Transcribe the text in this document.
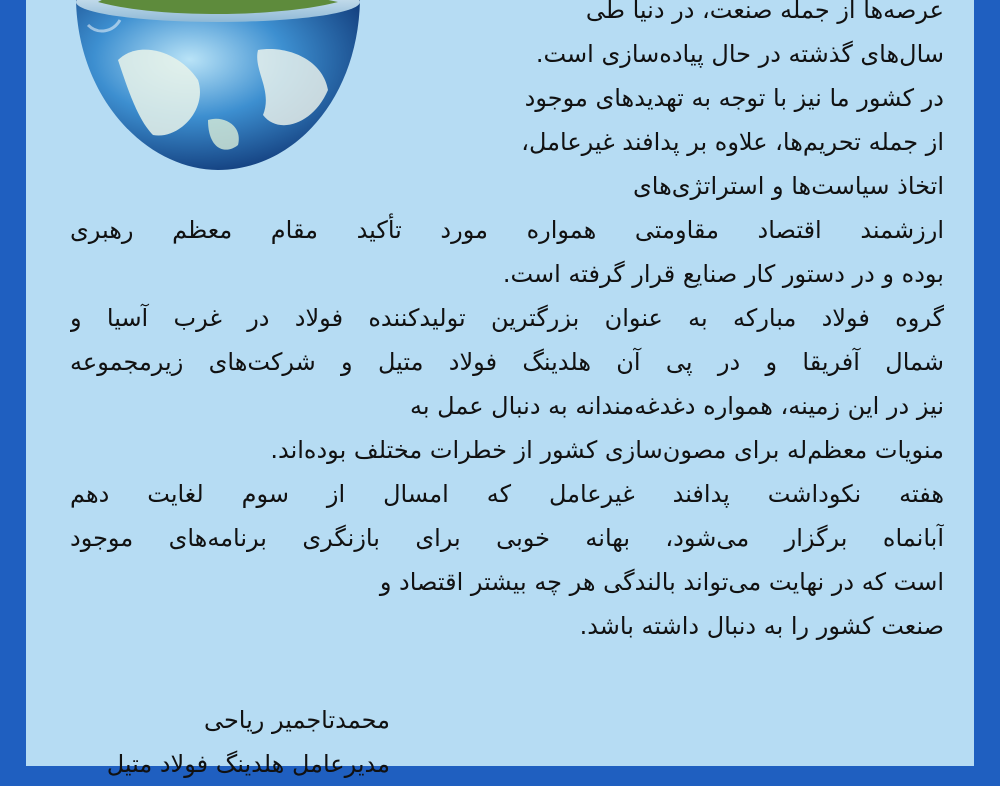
عرصه‌ها از جمله صنعت، در دنیا طی
سال‌های گذشته در حال پیاده‌سازی است.
در کشور ما نیز با توجه به تهدیدهای موجود
از جمله تحریم‌ها، علاوه بر پدافند غیرعامل،
اتخاذ سیاست‌ها و استراتژی‌های
ارزشمند اقتصاد مقاومتی همواره مورد تأکید مقام معظم رهبری
بوده و در دستور کار صنایع قرار گرفته است.
گروه فولاد مبارکه به عنوان بزرگترین تولیدکننده فولاد در غرب آسیا و
شمال آفریقا و در پی آن هلدینگ فولاد متیل و شرکت‌های زیرمجموعه
نیز در این زمینه، همواره دغدغه‌مندانه به دنبال عمل به
منویات معظم‌له برای مصون‌سازی کشور از خطرات مختلف بوده‌اند.
هفته نکوداشت پدافند غیرعامل که امسال از سوم لغایت دهم
آبانماه برگزار می‌شود، بهانه خوبی برای بازنگری برنامه‌های موجود
است که در نهایت می‌تواند بالندگی هر چه بیشتر اقتصاد و
صنعت کشور را به دنبال داشته باشد.
محمدتاجمیر ریاحی
مدیرعامل هلدینگ فولاد متیل
